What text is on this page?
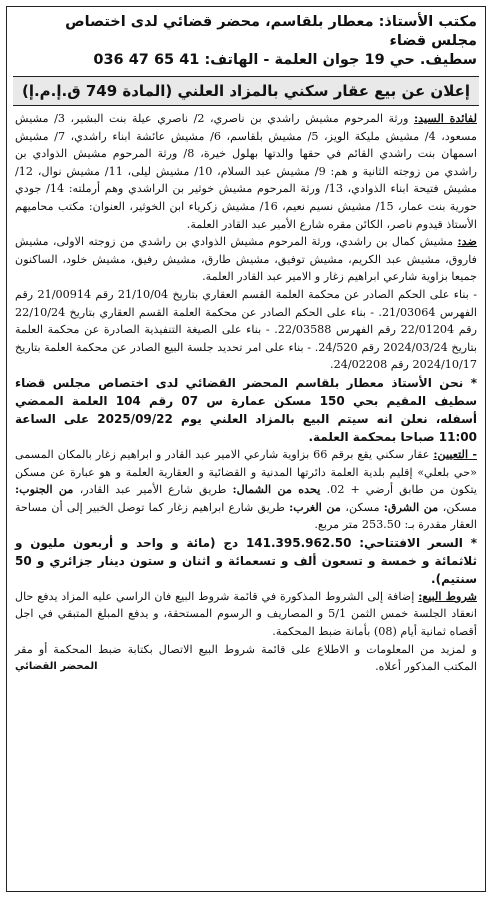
مكتب الأستاذ: معطار بلقاسم، محضر قضائي لدى اختصاص مجلس قضاء
سطيف. حي 19 جوان العلمة - الهاتف: 41 65 47 036
إعلان عن بيع عقار سكني بالمزاد العلني (المادة 749 ق.إ.م.إ)

لفائدة السيد: ورثة المرحوم مشيش راشدي بن ناصري، 2/ ناصري عيلة بنت البشير، 3/ مشيش مسعود، 4/ مشيش مليكة الويز، 5/ مشيش بلقاسم، 6/ مشيش عائشة ابناء راشدي، 7/ مشيش اسمهان بنت راشدي القائم في حقها والدتها بهلول خيرة، 8/ ورثة المرحوم مشيش الذوادي بن راشدي من زوجته الثانية و هم: 9/ مشيش عبد السلام، 10/ مشيش ليلى، 11/ مشيش نوال، 12/ مشيش فتيحة ابناء الذوادي، 13/ ورثة المرحوم مشيش خوثير بن الراشدي وهم أرملته: 14/ جودي حورية بنت عمار، 15/ مشيش نسيم نعيم، 16/ مشيش زكرياء ابن الخوثير، العنوان: مكتب محاميهم الأستاذ قيدوم ناصر، الكائن مقره شارع الأمير عبد القادر العلمة.

ضد: مشيش كمال بن راشدي، ورثة المرحوم مشيش الذوادي بن راشدي من زوجته الاولى، مشيش فاروق، مشيش عبد الكريم، مشيش توفيق، مشيش طارق، مشيش رفيق، مشيش خلود، الساكنون جميعا بزاوية شارعي ابراهيم زغار و الامير عبد القادر العلمة.

- بناء على الحكم الصادر عن محكمة العلمة القسم العقاري بتاريخ 21/10/04 رقم 21/00914 رقم الفهرس 21/03064. - بناء على الحكم الصادر عن محكمة العلمة القسم العقاري بتاريخ 22/10/24 رقم 22/01204 رقم الفهرس 22/03588. - بناء على الصيغة التنفيذية الصادرة عن محكمة العلمة بتاريخ 2024/03/24 رقم 24/520. - بناء على امر تحديد جلسة البيع الصادر عن محكمة العلمة بتاريخ 2024/10/17 رقم 24/02208.

* نحن الأستاذ معطار بلقاسم المحضر القضائي لدى اختصاص مجلس قضاء سطيف المقيم بحي 150 مسكن عمارة س 07 رقم 104 العلمة الممضي أسفله، نعلن انه سيتم البيع بالمزاد العلني يوم 2025/09/22 على الساعة 11:00 صباحا بمحكمة العلمة.

- التعيين: عقار سكني يقع برقم 66 بزاوية شارعي الامير عبد القادر و ابراهيم زغار بالمكان المسمى «حي بلعلي» إقليم بلدية العلمة دائرتها المدنية و القضائية و العقارية العلمة و هو عبارة عن مسكن يتكون من طابق أرضي + 02. يحده من الشمال: طريق شارع الأمير عبد القادر، من الجنوب: مسكن، من الشرق: مسكن، من الغرب: طريق شارع ابراهيم زغار كما توصل الخبير إلى أن مساحة العقار مقدرة بـ: 253.50 متر مربع.

* السعر الافتتاحي: 141.395.962.50 دج (مائة و واحد و أربعون مليون و ثلاثمائة و خمسة و تسعون ألف و تسعمائة و اثنان و ستون دينار جزائري و 50 سنتيم).

شروط البيع: إضافة إلى الشروط المذكورة في قائمة شروط البيع فان الراسي عليه المزاد يدفع حال انعقاد الجلسة خمس الثمن 5/1 و المصاريف و الرسوم المستحقة، و يدفع المبلغ المتبقي في اجل أقصاه ثمانية أيام (08) بأمانة ضبط المحكمة.

و لمزيد من المعلومات و الاطلاع على قائمة شروط البيع الاتصال بكتابة ضبط المحكمة أو مقر المكتب المذكور أعلاه.
المحضر القضائي
